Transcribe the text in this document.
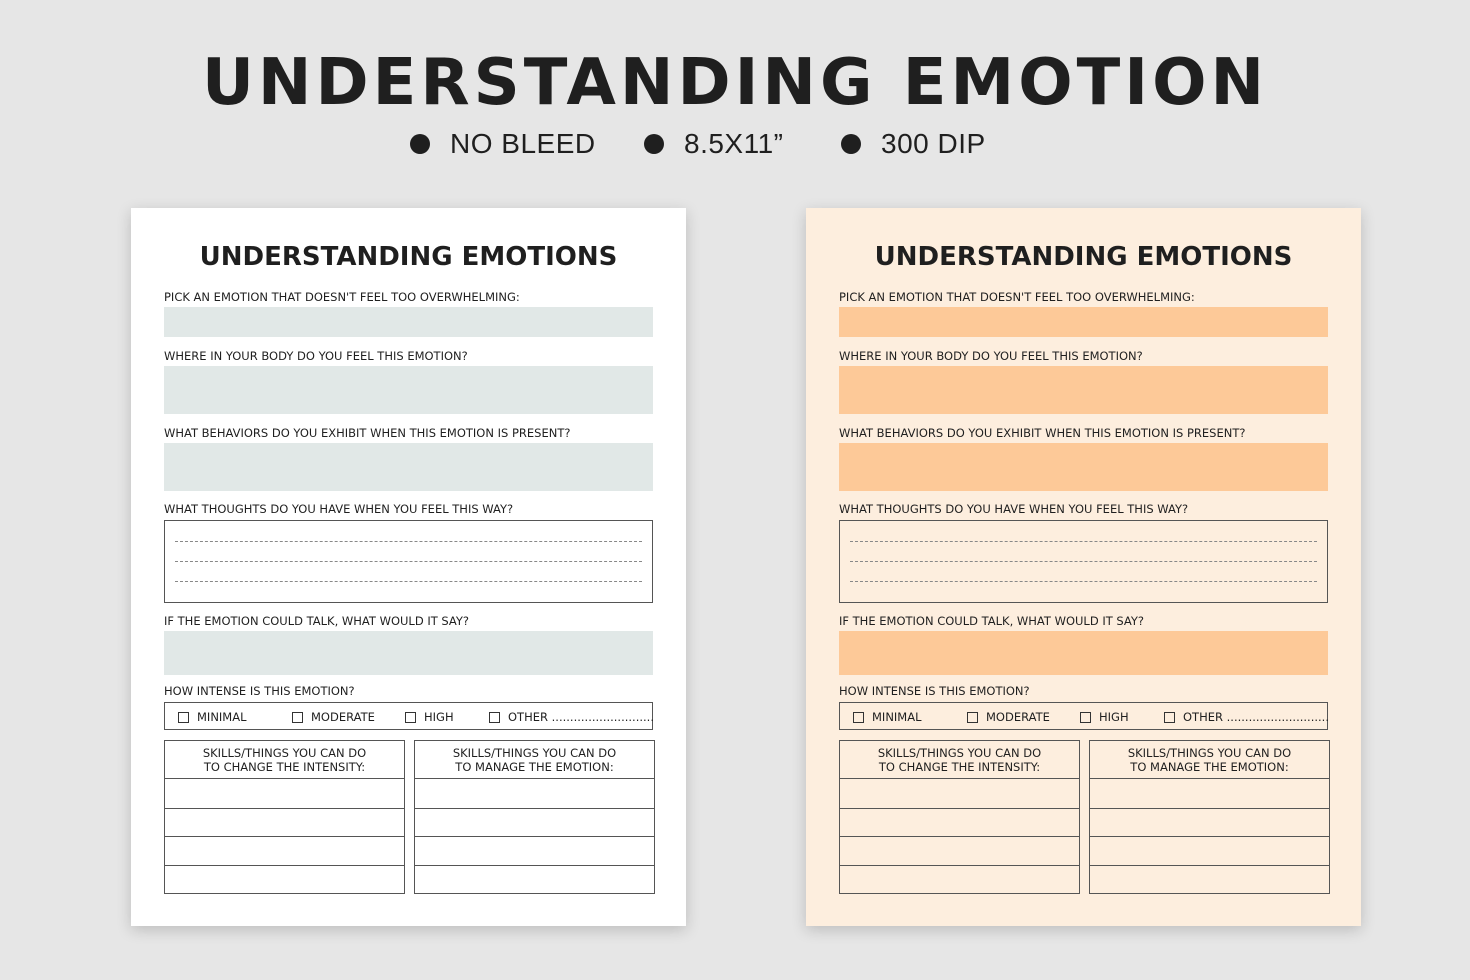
UNDERSTANDING EMOTION
NO BLEED	8.5X11”	300 DIP
UNDERSTANDING EMOTIONS
PICK AN EMOTION THAT DOESN'T FEEL TOO OVERWHELMING:
WHERE IN YOUR BODY DO YOU FEEL THIS EMOTION?
WHAT BEHAVIORS DO YOU EXHIBIT WHEN THIS EMOTION IS PRESENT?
WHAT THOUGHTS DO YOU HAVE WHEN YOU FEEL THIS WAY?
IF THE EMOTION COULD TALK, WHAT WOULD IT SAY?
HOW INTENSE IS THIS EMOTION?
MINIMAL	MODERATE	HIGH	OTHER ............................
SKILLS/THINGS YOU CAN DO
TO CHANGE THE INTENSITY:
SKILLS/THINGS YOU CAN DO
TO MANAGE THE EMOTION:
UNDERSTANDING EMOTIONS
PICK AN EMOTION THAT DOESN'T FEEL TOO OVERWHELMING:
WHERE IN YOUR BODY DO YOU FEEL THIS EMOTION?
WHAT BEHAVIORS DO YOU EXHIBIT WHEN THIS EMOTION IS PRESENT?
WHAT THOUGHTS DO YOU HAVE WHEN YOU FEEL THIS WAY?
IF THE EMOTION COULD TALK, WHAT WOULD IT SAY?
HOW INTENSE IS THIS EMOTION?
MINIMAL	MODERATE	HIGH	OTHER ............................
SKILLS/THINGS YOU CAN DO
TO CHANGE THE INTENSITY:
SKILLS/THINGS YOU CAN DO
TO MANAGE THE EMOTION:
